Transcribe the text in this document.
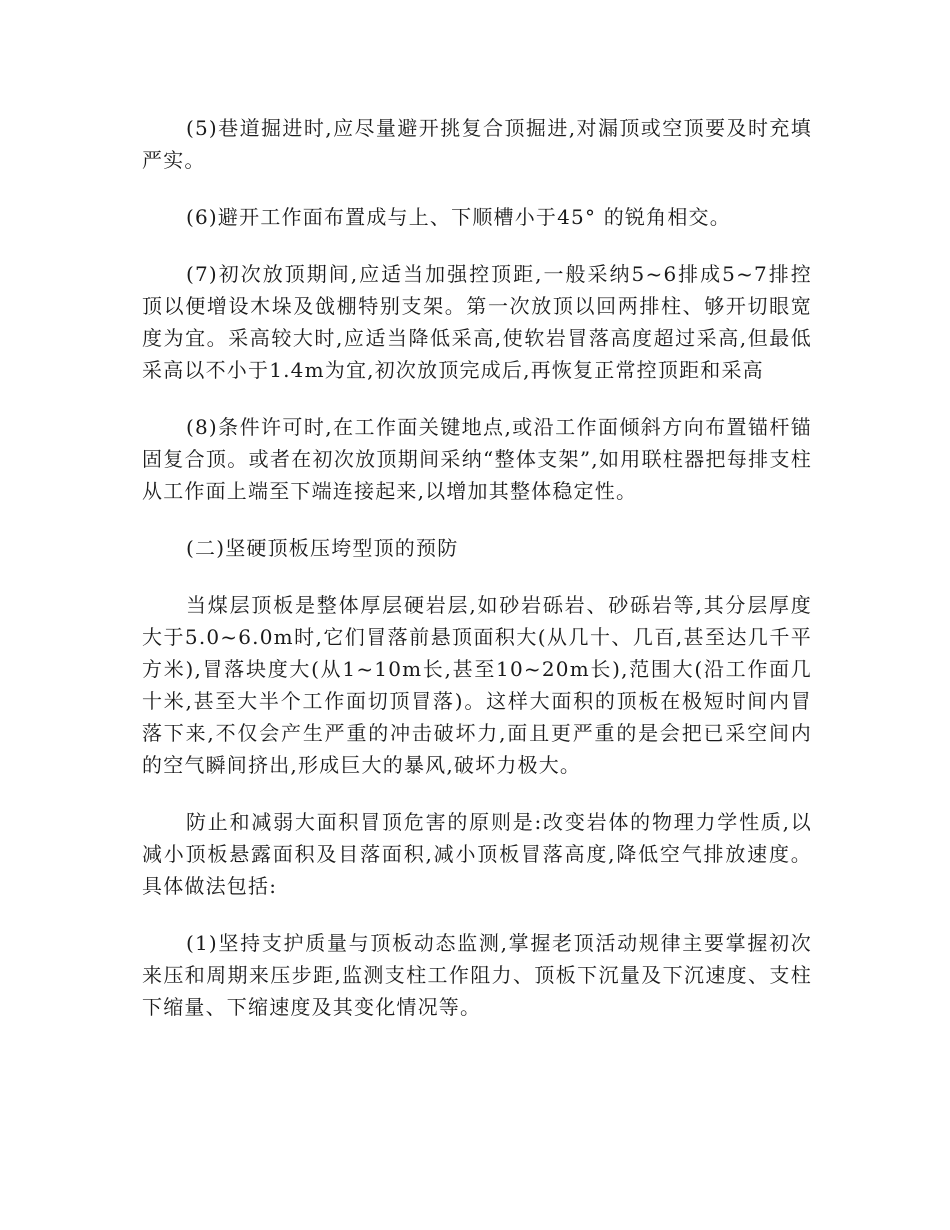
(5)巷道掘进时,应尽量避开挑复合顶掘进,对漏顶或空顶要及时充填严实。

(6)避开工作面布置成与上、下顺槽小于45° 的锐角相交。

(7)初次放顶期间,应适当加强控顶距,一般采纳5~6排成5~7排控顶以便增设木垛及戗棚特别支架。第一次放顶以回两排柱、够开切眼宽度为宜。采高较大时,应适当降低采高,使软岩冒落高度超过采高,但最低采高以不小于1.4m为宜,初次放顶完成后,再恢复正常控顶距和采高

(8)条件许可时,在工作面关键地点,或沿工作面倾斜方向布置锚杆锚固复合顶。或者在初次放顶期间采纳“整体支架”,如用联柱器把每排支柱从工作面上端至下端连接起来,以增加其整体稳定性。

(二)坚硬顶板压垮型顶的预防

当煤层顶板是整体厚层硬岩层,如砂岩砾岩、砂砾岩等,其分层厚度大于5.0~6.0m时,它们冒落前悬顶面积大(从几十、几百,甚至达几千平方米),冒落块度大(从1~10m长,甚至10~20m长),范围大(沿工作面几十米,甚至大半个工作面切顶冒落)。这样大面积的顶板在极短时间内冒落下来,不仅会产生严重的冲击破坏力,面且更严重的是会把已采空间内的空气瞬间挤出,形成巨大的暴风,破坏力极大。

防止和减弱大面积冒顶危害的原则是:改变岩体的物理力学性质,以减小顶板悬露面积及目落面积,减小顶板冒落高度,降低空气排放速度。具体做法包括:

(1)坚持支护质量与顶板动态监测,掌握老顶活动规律主要掌握初次来压和周期来压步距,监测支柱工作阻力、顶板下沉量及下沉速度、支柱下缩量、下缩速度及其变化情况等。
